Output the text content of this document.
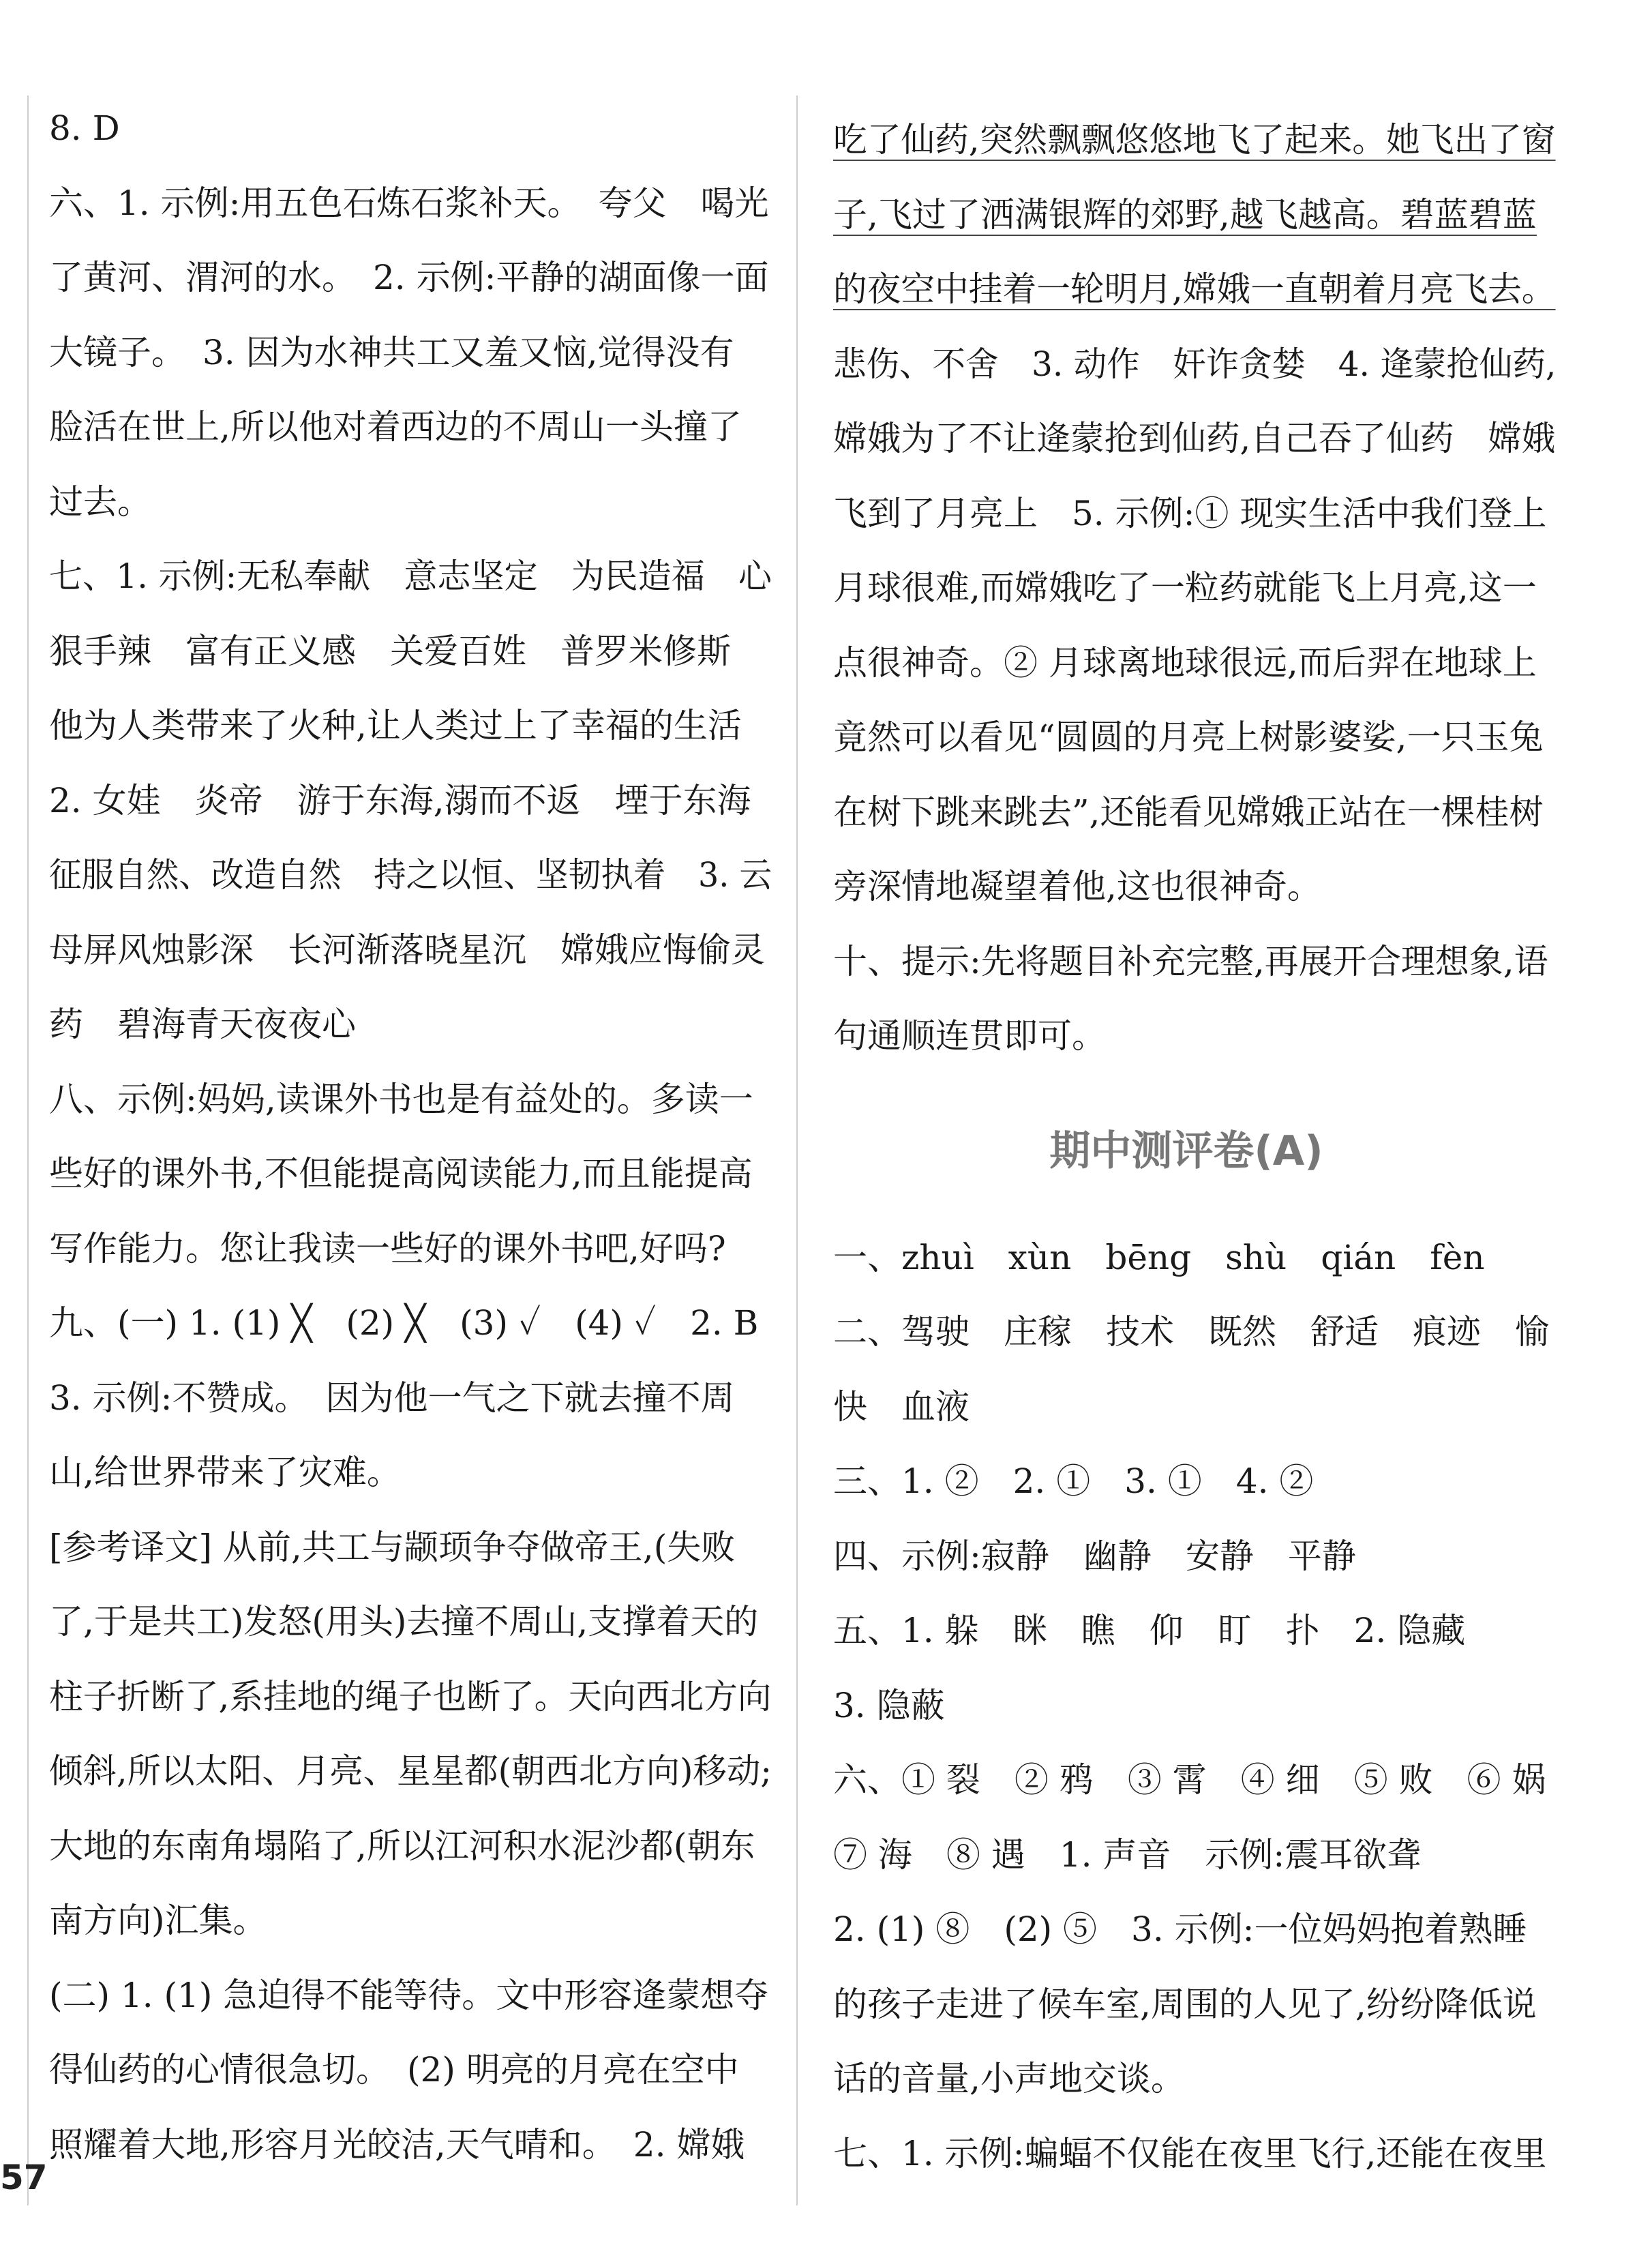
8. D
六、1. 示例:用五色石炼石浆补天。　夸父　喝光
了黄河、渭河的水。　2. 示例:平静的湖面像一面
大镜子。　3. 因为水神共工又羞又恼,觉得没有
脸活在世上,所以他对着西边的不周山一头撞了
过去。
七、1. 示例:无私奉献　意志坚定　为民造福　心
狠手辣　富有正义感　关爱百姓　普罗米修斯
他为人类带来了火种,让人类过上了幸福的生活
2. 女娃　炎帝　游于东海,溺而不返　堙于东海
征服自然、改造自然　持之以恒、坚韧执着　3. 云
母屏风烛影深　长河渐落晓星沉　嫦娥应悔偷灵
药　碧海青天夜夜心
八、示例:妈妈,读课外书也是有益处的。多读一
些好的课外书,不但能提高阅读能力,而且能提高
写作能力。您让我读一些好的课外书吧,好吗?
九、(一) 1. (1) ╳　(2) ╳　(3) ✓　(4) ✓　2. B
3. 示例:不赞成。　因为他一气之下就去撞不周
山,给世界带来了灾难。
[参考译文] 从前,共工与颛顼争夺做帝王,(失败
了,于是共工)发怒(用头)去撞不周山,支撑着天的
柱子折断了,系挂地的绳子也断了。天向西北方向
倾斜,所以太阳、月亮、星星都(朝西北方向)移动;
大地的东南角塌陷了,所以江河积水泥沙都(朝东
南方向)汇集。
(二) 1. (1) 急迫得不能等待。文中形容逄蒙想夺
得仙药的心情很急切。　(2) 明亮的月亮在空中
照耀着大地,形容月光皎洁,天气晴和。　2. 嫦娥
吃了仙药,突然飘飘悠悠地飞了起来。她飞出了窗
子,飞过了洒满银辉的郊野,越飞越高。碧蓝碧蓝
的夜空中挂着一轮明月,嫦娥一直朝着月亮飞去。
悲伤、不舍　3. 动作　奸诈贪婪　4. 逄蒙抢仙药,
嫦娥为了不让逄蒙抢到仙药,自己吞了仙药　嫦娥
飞到了月亮上　5. 示例:① 现实生活中我们登上
月球很难,而嫦娥吃了一粒药就能飞上月亮,这一
点很神奇。② 月球离地球很远,而后羿在地球上
竟然可以看见“圆圆的月亮上树影婆娑,一只玉兔
在树下跳来跳去”,还能看见嫦娥正站在一棵桂树
旁深情地凝望着他,这也很神奇。
十、提示:先将题目补充完整,再展开合理想象,语
句通顺连贯即可。
期中测评卷(A)
一、zhuì　xùn　bēng　shù　qián　fèn
二、驾驶　庄稼　技术　既然　舒适　痕迹　愉
快　血液
三、1. ②　2. ①　3. ①　4. ②
四、示例:寂静　幽静　安静　平静
五、1. 躲　眯　瞧　仰　盯　扑　2. 隐藏
3. 隐蔽
六、① 裂　② 鸦　③ 霄　④ 细　⑤ 败　⑥ 娲
⑦ 海　⑧ 遇　1. 声音　示例:震耳欲聋
2. (1) ⑧　(2) ⑤　3. 示例:一位妈妈抱着熟睡
的孩子走进了候车室,周围的人见了,纷纷降低说
话的音量,小声地交谈。
七、1. 示例:蝙蝠不仅能在夜里飞行,还能在夜里
57
